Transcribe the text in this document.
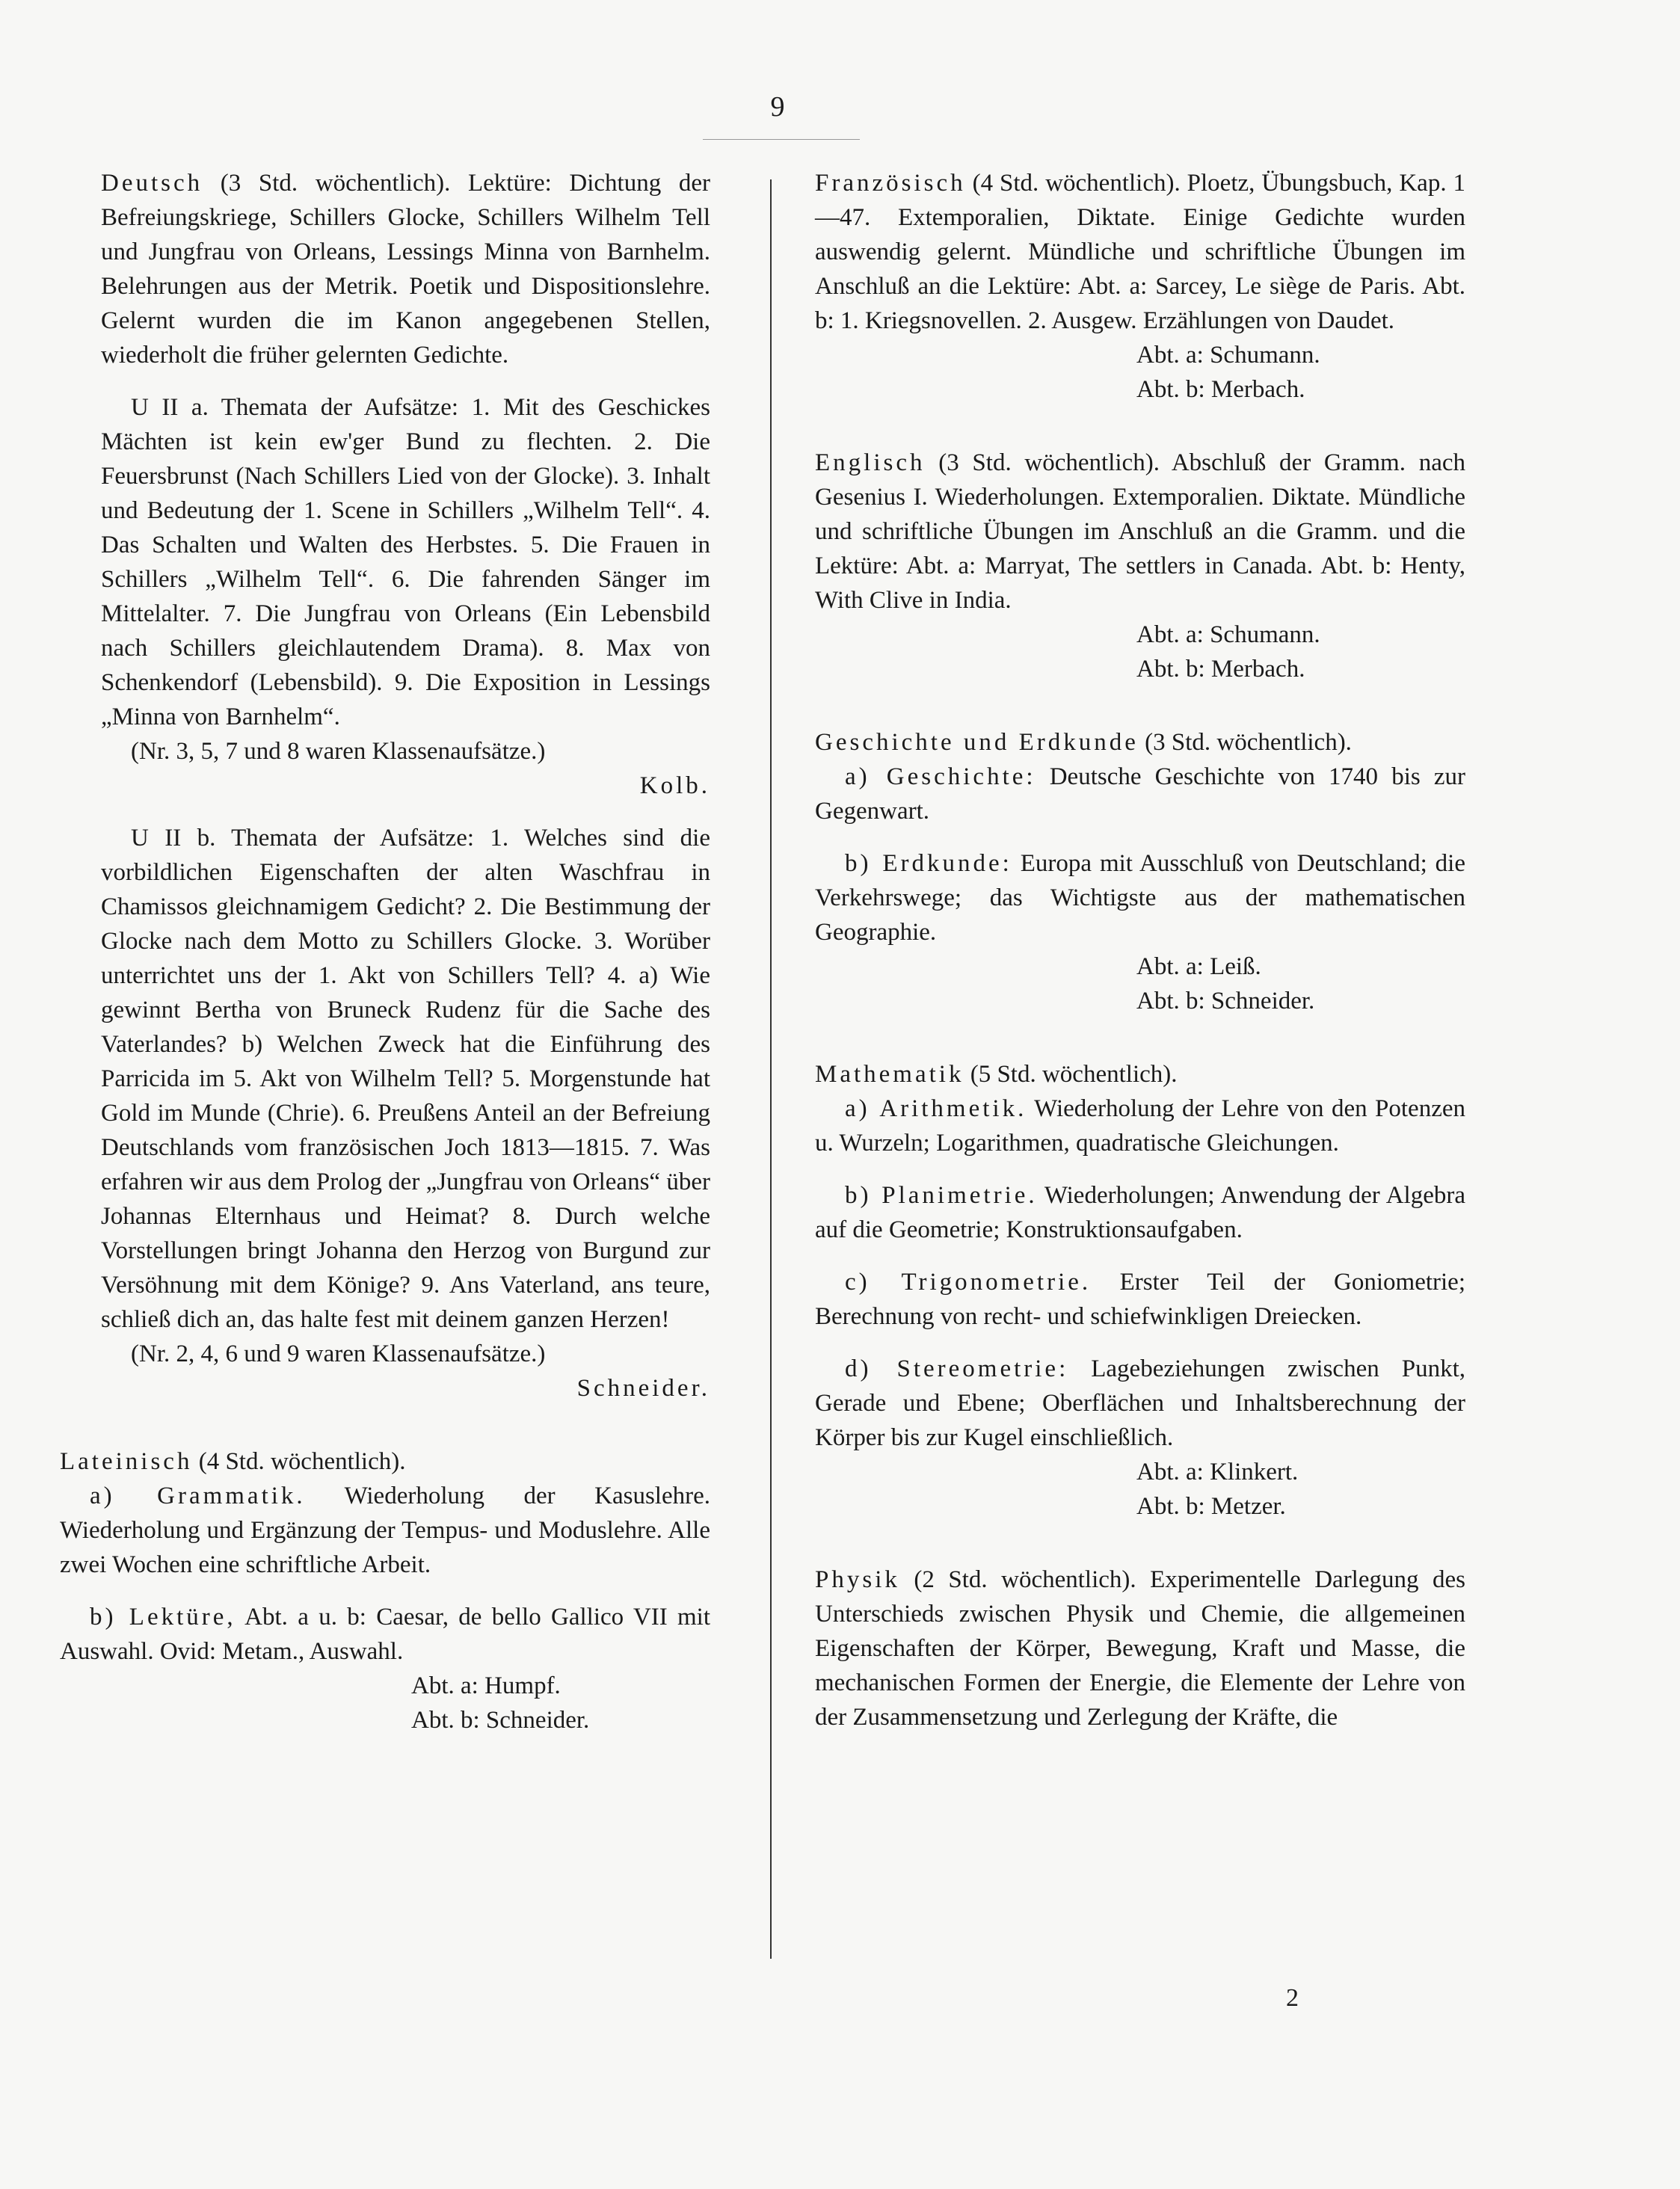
9

Deutsch (3 Std. wöchentlich). Lektüre: Dichtung der Befreiungskriege, Schillers Glocke, Schillers Wilhelm Tell und Jungfrau von Orleans, Lessings Minna von Barnhelm. Belehrungen aus der Metrik. Poetik und Dispositionslehre. Gelernt wurden die im Kanon angegebenen Stellen, wiederholt die früher gelernten Gedichte.

U II a. Themata der Aufsätze: 1. Mit des Geschickes Mächten ist kein ew'ger Bund zu flechten. 2. Die Feuersbrunst (Nach Schillers Lied von der Glocke). 3. Inhalt und Bedeutung der 1. Scene in Schillers „Wilhelm Tell“. 4. Das Schalten und Walten des Herbstes. 5. Die Frauen in Schillers „Wilhelm Tell“. 6. Die fahrenden Sänger im Mittelalter. 7. Die Jungfrau von Orleans (Ein Lebensbild nach Schillers gleichlautendem Drama). 8. Max von Schenkendorf (Lebensbild). 9. Die Exposition in Lessings „Minna von Barnhelm“.

(Nr. 3, 5, 7 und 8 waren Klassenaufsätze.)

Kolb.

U II b. Themata der Aufsätze: 1. Welches sind die vorbildlichen Eigenschaften der alten Waschfrau in Chamissos gleichnamigem Gedicht? 2. Die Bestimmung der Glocke nach dem Motto zu Schillers Glocke. 3. Worüber unterrichtet uns der 1. Akt von Schillers Tell? 4. a) Wie gewinnt Bertha von Bruneck Rudenz für die Sache des Vaterlandes? b) Welchen Zweck hat die Einführung des Parricida im 5. Akt von Wilhelm Tell? 5. Morgenstunde hat Gold im Munde (Chrie). 6. Preußens Anteil an der Befreiung Deutschlands vom französischen Joch 1813—1815. 7. Was erfahren wir aus dem Prolog der „Jungfrau von Orleans“ über Johannas Elternhaus und Heimat? 8. Durch welche Vorstellungen bringt Johanna den Herzog von Burgund zur Versöhnung mit dem Könige? 9. Ans Vaterland, ans teure, schließ dich an, das halte fest mit deinem ganzen Herzen!

(Nr. 2, 4, 6 und 9 waren Klassenaufsätze.)

Schneider.

Lateinisch (4 Std. wöchentlich).

a) Grammatik. Wiederholung der Kasuslehre. Wiederholung und Ergänzung der Tempus- und Moduslehre. Alle zwei Wochen eine schriftliche Arbeit.

b) Lektüre, Abt. a u. b: Caesar, de bello Gallico VII mit Auswahl. Ovid: Metam., Auswahl.

Abt. a: Humpf.

Abt. b: Schneider.

Französisch (4 Std. wöchentlich). Ploetz, Übungsbuch, Kap. 1—47. Extemporalien, Diktate. Einige Gedichte wurden auswendig gelernt. Mündliche und schriftliche Übungen im Anschluß an die Lektüre: Abt. a: Sarcey, Le siège de Paris. Abt. b: 1. Kriegsnovellen. 2. Ausgew. Erzählungen von Daudet.

Abt. a: Schumann.

Abt. b: Merbach.

Englisch (3 Std. wöchentlich). Abschluß der Gramm. nach Gesenius I. Wiederholungen. Extemporalien. Diktate. Mündliche und schriftliche Übungen im Anschluß an die Gramm. und die Lektüre: Abt. a: Marryat, The settlers in Canada. Abt. b: Henty, With Clive in India.

Abt. a: Schumann.

Abt. b: Merbach.

Geschichte und Erdkunde (3 Std. wöchentlich).

a) Geschichte: Deutsche Geschichte von 1740 bis zur Gegenwart.

b) Erdkunde: Europa mit Ausschluß von Deutschland; die Verkehrswege; das Wichtigste aus der mathematischen Geographie.

Abt. a: Leiß.

Abt. b: Schneider.

Mathematik (5 Std. wöchentlich).

a) Arithmetik. Wiederholung der Lehre von den Potenzen u. Wurzeln; Logarithmen, quadratische Gleichungen.

b) Planimetrie. Wiederholungen; Anwendung der Algebra auf die Geometrie; Konstruktionsaufgaben.

c) Trigonometrie. Erster Teil der Goniometrie; Berechnung von recht- und schiefwinkligen Dreiecken.

d) Stereometrie: Lagebeziehungen zwischen Punkt, Gerade und Ebene; Oberflächen und Inhaltsberechnung der Körper bis zur Kugel einschließlich.

Abt. a: Klinkert.

Abt. b: Metzer.

Physik (2 Std. wöchentlich). Experimentelle Darlegung des Unterschieds zwischen Physik und Chemie, die allgemeinen Eigenschaften der Körper, Bewegung, Kraft und Masse, die mechanischen Formen der Energie, die Elemente der Lehre von der Zusammensetzung und Zerlegung der Kräfte, die

2
